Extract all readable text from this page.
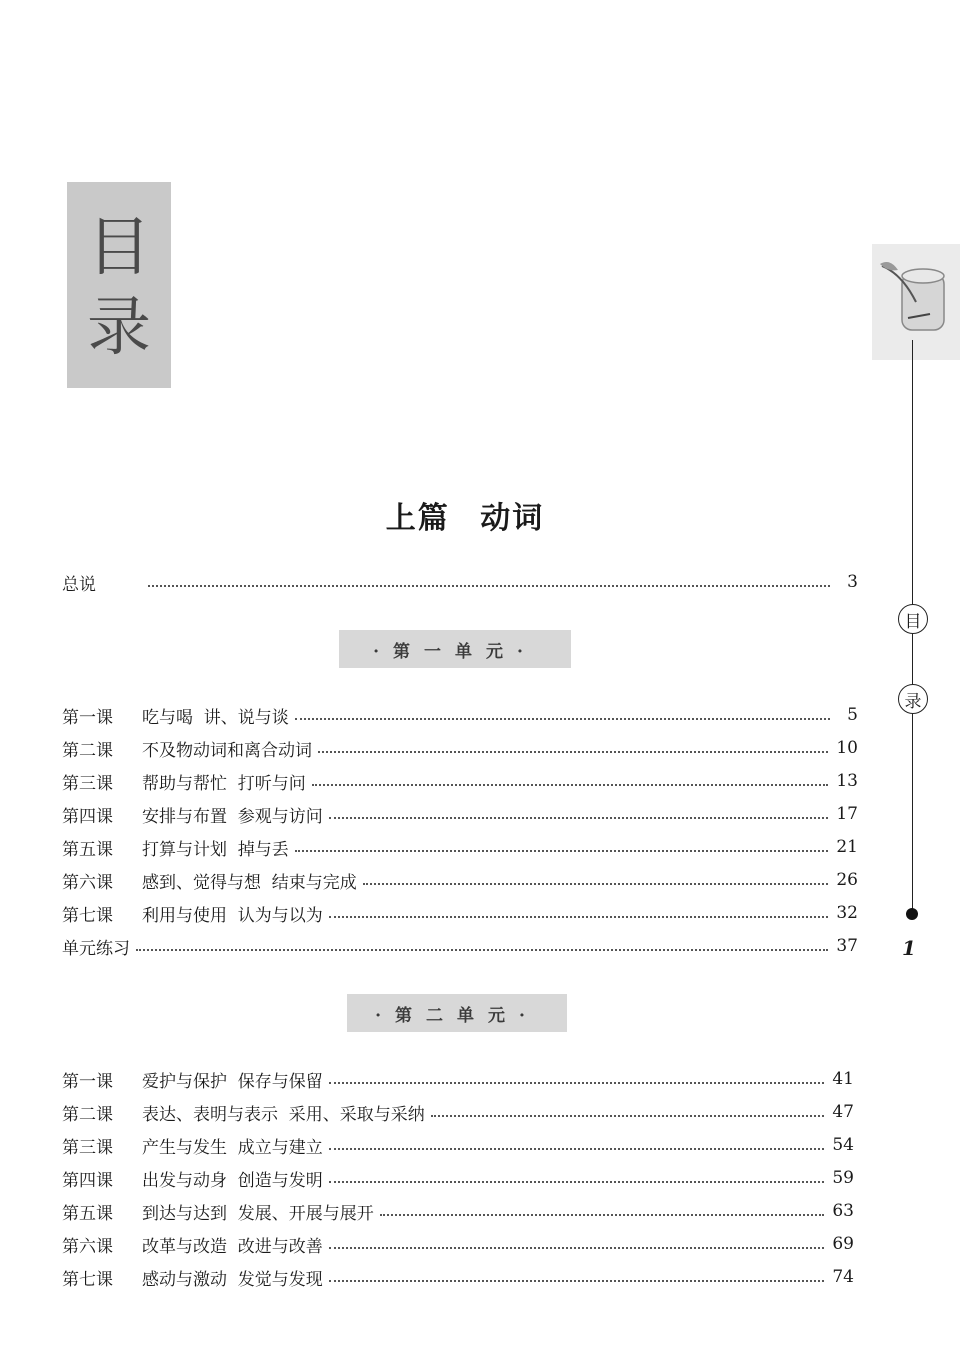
目
录
上篇 动词
总说	3
·第一单元·
第一课	吃与喝  讲、说与谈	5
第二课	不及物动词和离合动词	10
第三课	帮助与帮忙  打听与问	13
第四课	安排与布置  参观与访问	17
第五课	打算与计划  掉与丢	21
第六课	感到、觉得与想  结束与完成	26
第七课	利用与使用  认为与以为	32
单元练习	37
·第二单元·
第一课	爱护与保护  保存与保留	41
第二课	表达、表明与表示  采用、采取与采纳	47
第三课	产生与发生  成立与建立	54
第四课	出发与动身  创造与发明	59
第五课	到达与达到  发展、开展与展开	63
第六课	改革与改造  改进与改善	69
第七课	感动与激动  发觉与发现	74
目
录
1
